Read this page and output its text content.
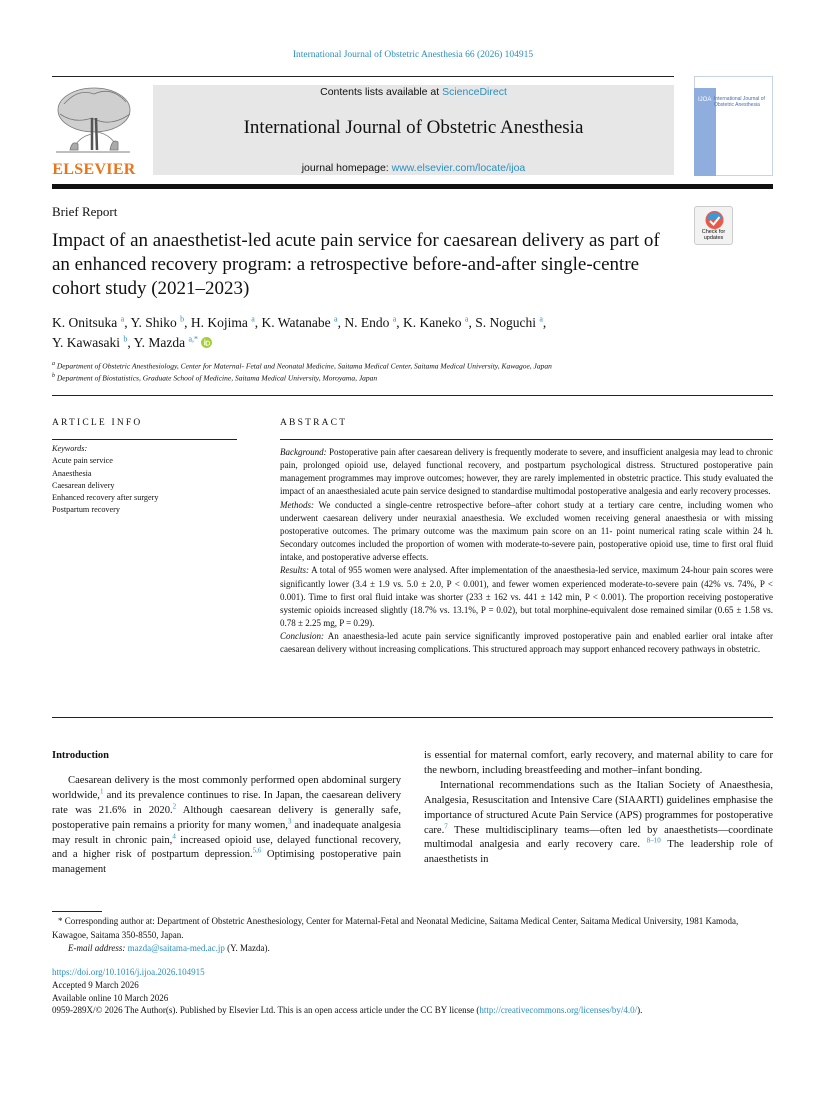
International Journal of Obstetric Anesthesia 66 (2026) 104915
ELSEVIER
Contents lists available at ScienceDirect
International Journal of Obstetric Anesthesia
journal homepage: www.elsevier.com/locate/ijoa
IJOA International Journal of Obstetric Anesthesia
Brief Report
Check for updates
Impact of an anaesthetist-led acute pain service for caesarean delivery as part of an enhanced recovery program: a retrospective before-and-after single-centre cohort study (2021–2023)
K. Onitsuka $^a$, Y. Shiko $^b$, H. Kojima $^a$, K. Watanabe $^a$, N. Endo $^a$, K. Kaneko $^a$, S. Noguchi $^a$,
Y. Kawasaki $^b$, Y. Mazda $^{a,*}$
$^a$ Department of Obstetric Anesthesiology, Center for Maternal- Fetal and Neonatal Medicine, Saitama Medical Center, Saitama Medical University, Kawagoe, Japan
$^b$ Department of Biostatistics, Graduate School of Medicine, Saitama Medical University, Moroyama, Japan
ARTICLE INFO
Keywords:
Acute pain service
Anaesthesia
Caesarean delivery
Enhanced recovery after surgery
Postpartum recovery
ABSTRACT

Background: Postoperative pain after caesarean delivery is frequently moderate to severe, and insufficient analgesia may lead to chronic pain, prolonged opioid use, delayed functional recovery, and postpartum psychological distress. Structured postoperative pain management programmes may improve outcomes; however, they are rarely implemented in obstetric practice. This study evaluated the impact of an anaesthesialed acute pain service designed to standardise multimodal postoperative analgesia and early recovery processes.

Methods: We conducted a single-centre retrospective before–after cohort study at a tertiary care centre, including women who underwent caesarean delivery under neuraxial anaesthesia. We excluded women receiving general anaesthesia or with missing postoperative outcomes. The primary outcome was the maximum pain score on an 11- point numerical rating scale within 24 h. Secondary outcomes included the proportion of women with moderate-to-severe pain, postoperative opioid use, time to first oral fluid intake, and postoperative adverse effects.

Results: A total of 955 women were analysed. After implementation of the anaesthesia-led service, maximum 24-hour pain scores were significantly lower (3.4 ± 1.9 vs. 5.0 ± 2.0, P < 0.001), and fewer women experienced moderate-to-severe pain (42% vs. 74%, P < 0.001). Time to first oral fluid intake was shorter (233 ± 162 vs. 441 ± 142 min, P < 0.001). The proportion receiving postoperative systemic opioids increased slightly (18.7% vs. 13.1%, P = 0.02), but total morphine-equivalent dose remained similar (0.65 ± 1.58 vs. 0.78 ± 2.25 mg, P = 0.29).

Conclusion: An anaesthesia-led acute pain service significantly improved postoperative pain and enabled earlier oral intake after caesarean delivery without increasing complications. This structured approach may support enhanced recovery pathways in obstetric.

Introduction

Caesarean delivery is the most commonly performed open abdominal surgery worldwide,$^1$ and its prevalence continues to rise. In Japan, the caesarean delivery rate was 21.6% in 2020.$^2$ Although caesarean delivery is generally safe, postoperative pain remains a priority for many women,$^3$ and inadequate analgesia may result in chronic pain,$^4$ increased opioid use, delayed functional recovery, and a higher risk of postpartum depression.$^{5,6}$ Optimising postoperative pain management

is essential for maternal comfort, early recovery, and maternal ability to care for the newborn, including breastfeeding and mother–infant bonding.

International recommendations such as the Italian Society of Anaesthesia, Analgesia, Resuscitation and Intensive Care (SIAARTI) guidelines emphasise the importance of structured Acute Pain Service (APS) programmes for postoperative care.$^7$ These multidisciplinary teams—often led by anaesthetists—coordinate multimodal analgesia and early recovery care. $^{8-10}$ The leadership role of anaesthetists in

* Corresponding author at: Department of Obstetric Anesthesiology, Center for Maternal-Fetal and Neonatal Medicine, Saitama Medical Center, Saitama Medical University, 1981 Kamoda, Kawagoe, Saitama 350-8550, Japan.
E-mail address: mazda@saitama-med.ac.jp (Y. Mazda).
https://doi.org/10.1016/j.ijoa.2026.104915
Accepted 9 March 2026
Available online 10 March 2026
0959-289X/© 2026 The Author(s). Published by Elsevier Ltd. This is an open access article under the CC BY license (http://creativecommons.org/licenses/by/4.0/).
